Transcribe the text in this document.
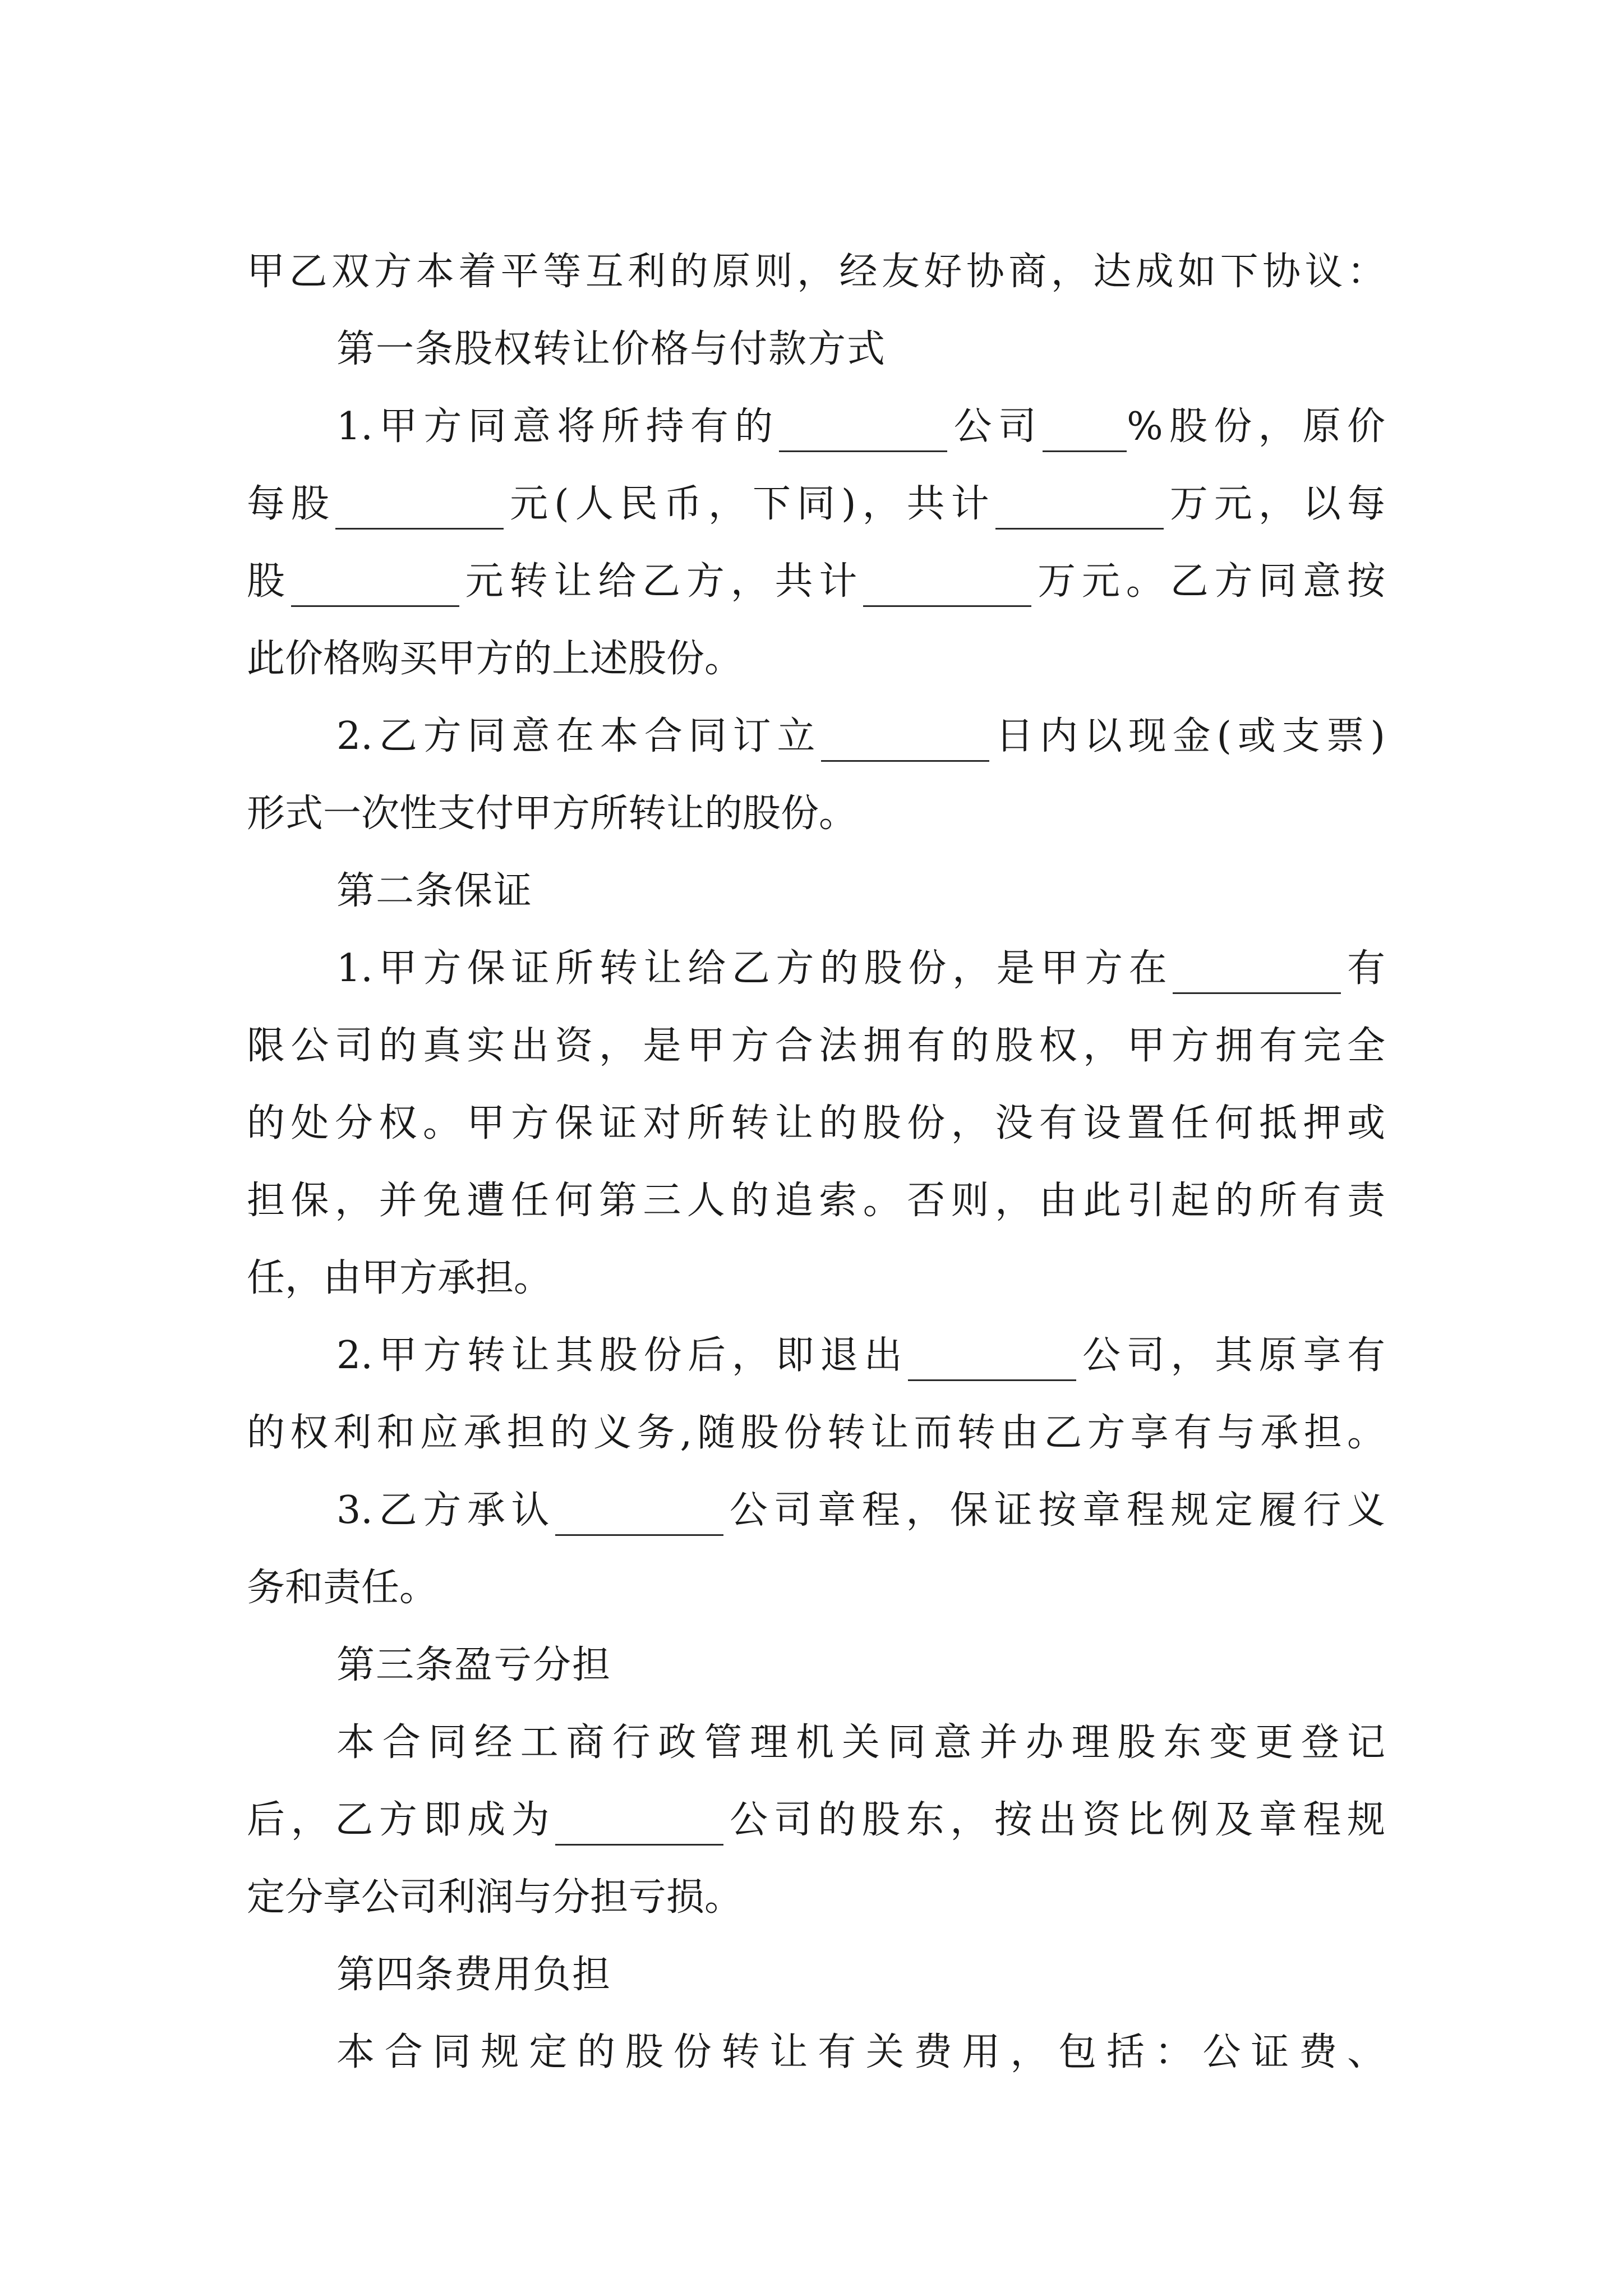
甲乙双方本着平等互利的原则，经友好协商，达成如下协议：
第一条股权转让价格与付款方式
1.甲方同意将所持有的	公司 %股份，原价
每股	元(人民币，下同)，共计	万元，以每
股	元转让给乙方，共计	万元。乙方同意按
此价格购买甲方的上述股份。
2.乙方同意在本合同订立	日内以现金(或支票)
形式一次性支付甲方所转让的股份。
第二条保证
1.甲方保证所转让给乙方的股份，是甲方在	有
限公司的真实出资，是甲方合法拥有的股权，甲方拥有完全
的处分权。甲方保证对所转让的股份，没有设置任何抵押或
担保，并免遭任何第三人的追索。否则，由此引起的所有责
任，由甲方承担。
2.甲方转让其股份后，即退出	公司，其原享有
的权利和应承担的义务,随股份转让而转由乙方享有与承担。
3.乙方承认	公司章程，保证按章程规定履行义
务和责任。
第三条盈亏分担
本合同经工商行政管理机关同意并办理股东变更登记
后，乙方即成为	公司的股东，按出资比例及章程规
定分享公司利润与分担亏损。
第四条费用负担
本合同规定的股份转让有关费用，包括：公证费、
